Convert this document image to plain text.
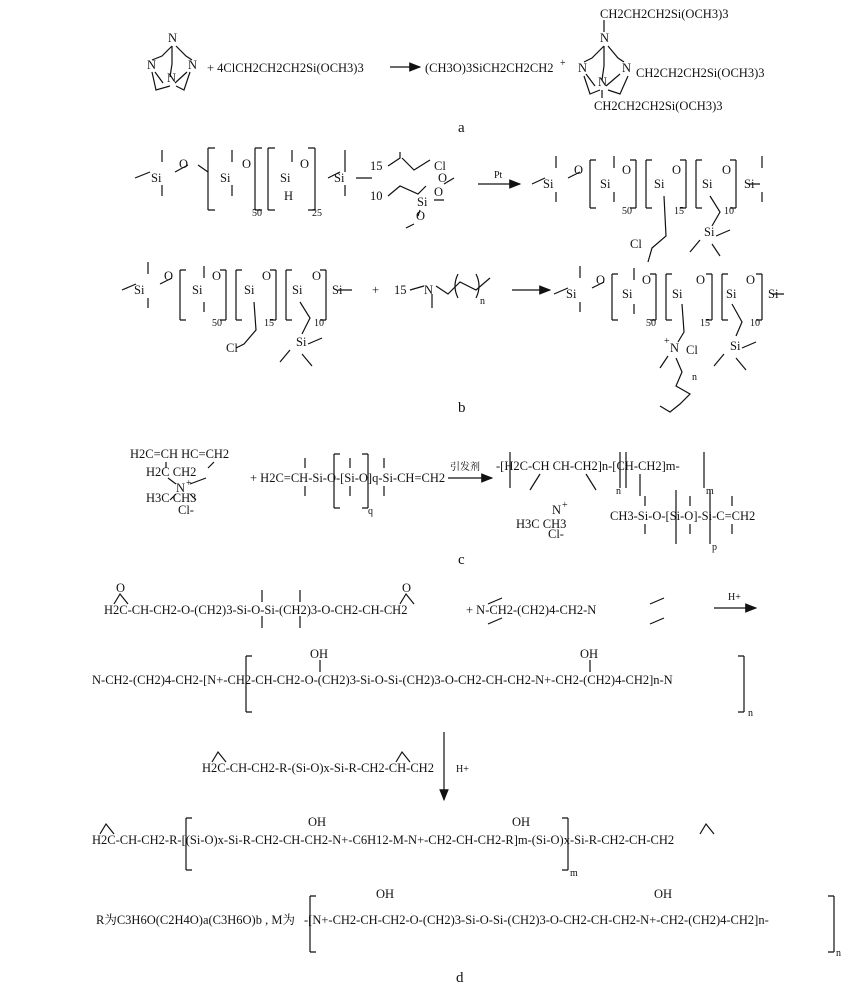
N
N	N
N
+ 4ClCH2CH2CH2Si(OCH3)3	(CH3O)3SiCH2CH2CH2 +
N
N	N
N
CH2CH2CH2Si(OCH3)3
CH2CH2CH2Si(OCH3)3
CH2CH2CH2Si(OCH3)3
a
Si
O
Si
O
Si
H
O
Si
50	25
15	Cl
10	Si
O
O
O
Pt
Si
O
Si
O
Si
O
Si
O
Si
50	15	10
Cl
Si
Si
O
Si
O
Si
O
Si
O
Si
50	15	10
Cl	Si
+ 15 N
n
Si
O
Si
O
Si
O
Si
O
Si
50	15	10
N
+
Cl
n
Si
b
H2C=CH HC=CH2
H2C CH2
N +
H3C CH3
Cl-
+ H2C=CH-Si-O-[Si-O]q-Si-CH=CH2
q
引发剂 -[H2C-CH CH-CH2]n-[CH-CH2]m-
n	m
N +
H3C CH3
Cl-
CH3-Si-O-[Si-O]-Si-C=CH2
p
c
H2C-CH-CH2-O-(CH2)3-Si-O-Si-(CH2)3-O-CH2-CH-CH2
O	O
+ N-CH2-(CH2)4-CH2-N
H+
N-CH2-(CH2)4-CH2-[N+-CH2-CH-CH2-O-(CH2)3-Si-O-Si-(CH2)3-O-CH2-CH-CH2-N+-CH2-(CH2)4-CH2]n-N
OH	OH
n
H2C-CH-CH2-R-(Si-O)x-Si-R-CH2-CH-CH2 H+
H2C-CH-CH2-R-[(Si-O)x-Si-R-CH2-CH-CH2-N+-C6H12-M-N+-CH2-CH-CH2-R]m-(Si-O)x-Si-R-CH2-CH-CH2
OH	OH
m
R为C3H6O(C2H4O)a(C3H6O)b , M为 -[N+-CH2-CH-CH2-O-(CH2)3-Si-O-Si-(CH2)3-O-CH2-CH-CH2-N+-CH2-(CH2)4-CH2]n-
OH	OH
n
d
